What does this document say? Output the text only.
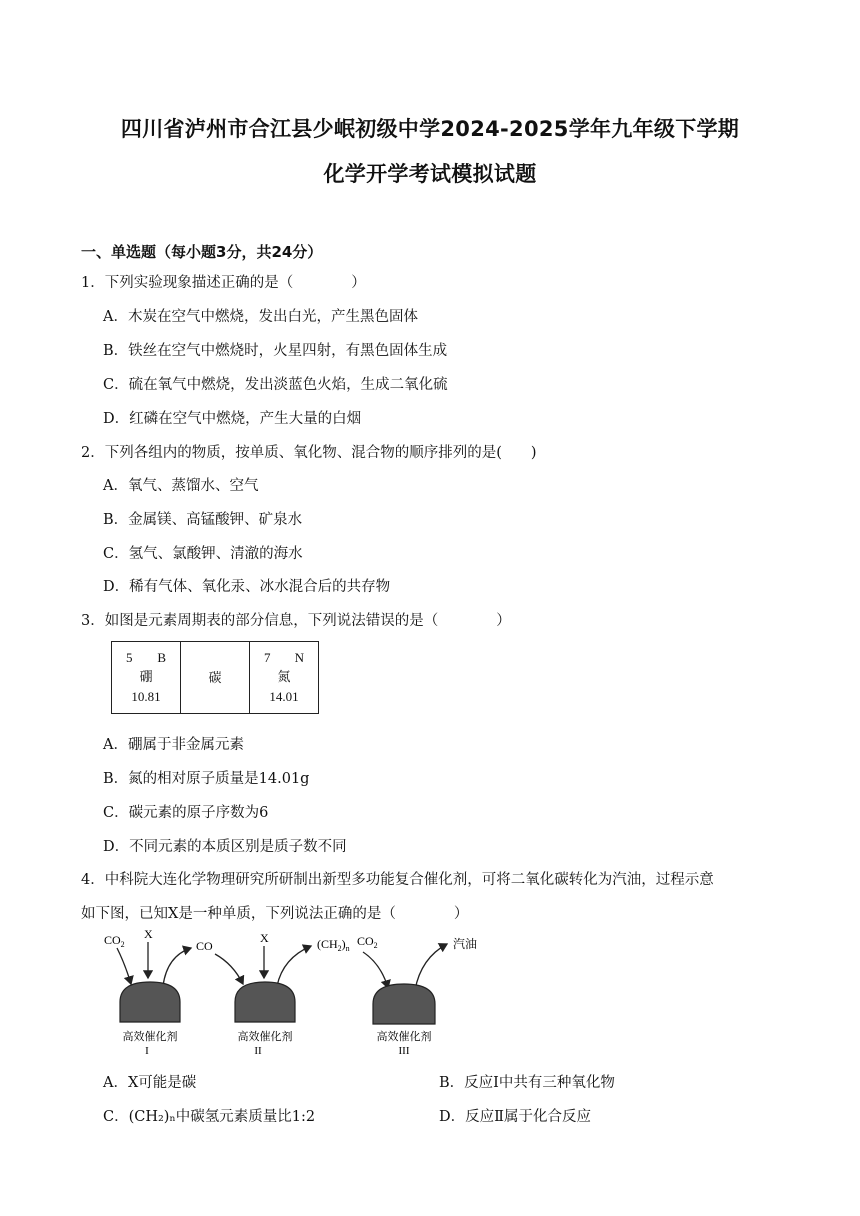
四川省泸州市合江县少岷初级中学2024-2025学年九年级下学期
化学开学考试模拟试题
一、单选题（每小题3分，共24分）
1．下列实验现象描述正确的是（　　　　）
A．木炭在空气中燃烧，发出白光，产生黑色固体
B．铁丝在空气中燃烧时，火星四射，有黑色固体生成
C．硫在氧气中燃烧，发出淡蓝色火焰，生成二氧化硫
D．红磷在空气中燃烧，产生大量的白烟
2．下列各组内的物质，按单质、氧化物、混合物的顺序排列的是(　　)
A．氧气、蒸馏水、空气
B．金属镁、高锰酸钾、矿泉水
C．氢气、氯酸钾、清澈的海水
D．稀有气体、氧化汞、冰水混合后的共存物
3．如图是元素周期表的部分信息，下列说法错误的是（　　　　）
5 B
硼
10.81

碳

7 N
氮
14.01
A．硼属于非金属元素
B．氮的相对原子质量是14.01g
C．碳元素的原子序数为6
D．不同元素的本质区别是质子数不同
4．中科院大连化学物理研究所研制出新型多功能复合催化剂，可将二氧化碳转化为汽油，过程示意
如下图，已知X是一种单质，下列说法正确的是（　　　　）
$CO_2$
X
CO
高效催化剂
I
X	$(CH_2)_n$
$CO_2$
高效催化剂
II
汽油
高效催化剂
III
A．X可能是碳	B．反应Ⅰ中共有三种氧化物
C．(CH₂)ₙ中碳氢元素质量比1:2	D．反应Ⅱ属于化合反应
